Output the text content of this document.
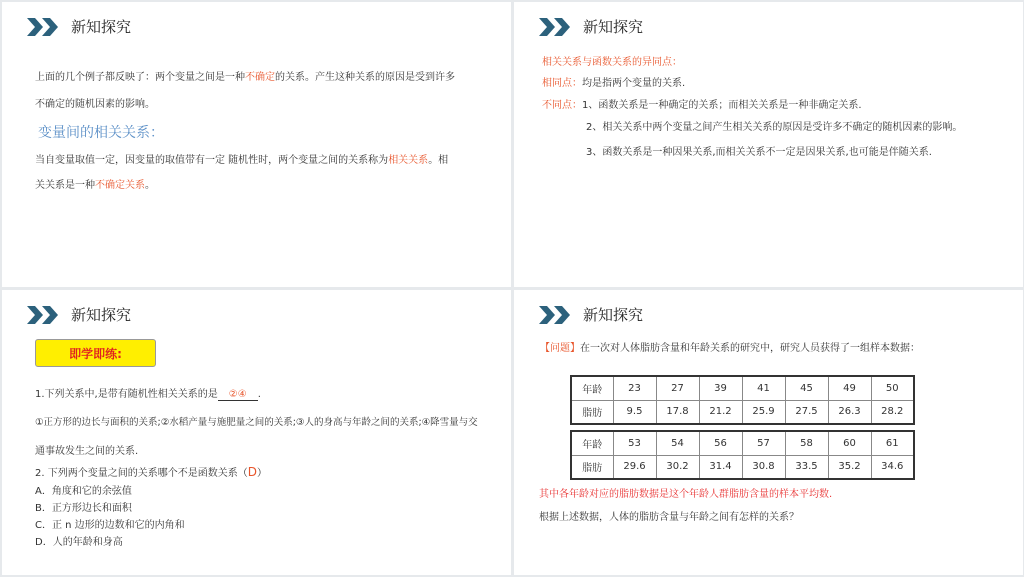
新知探究
上面的几个例子都反映了：两个变量之间是一种不确定的关系。产生这种关系的原因是受到许多
不确定的随机因素的影响。
变量间的相关关系：
当自变量取值一定，因变量的取值带有一定 随机性时，两个变量之间的关系称为相关关系。相
关关系是一种不确定关系。
新知探究
相关关系与函数关系的异同点：
相同点：均是指两个变量的关系.
不同点：1、函数关系是一种确定的关系；而相关关系是一种非确定关系.
2、相关关系中两个变量之间产生相关关系的原因是受许多不确定的随机因素的影响。
3、函数关系是一种因果关系,而相关关系不一定是因果关系,也可能是伴随关系.
新知探究
即学即练:
1.下列关系中,是带有随机性相关关系的是 ②④ .
①正方形的边长与面积的关系;②水稻产量与施肥量之间的关系;③人的身高与年龄之间的关系;④降雪量与交
通事故发生之间的关系.
2. 下列两个变量之间的关系哪个不是函数关系（D）
A．角度和它的余弦值
B．正方形边长和面积
C．正 n 边形的边数和它的内角和
D．人的年龄和身高
新知探究
【问题】在一次对人体脂肪含量和年龄关系的研究中，研究人员获得了一组样本数据：
年龄	23	27	39	41	45	49	50
脂肪	9.5	17.8	21.2	25.9	27.5	26.3	28.2
年龄	53	54	56	57	58	60	61
脂肪	29.6	30.2	31.4	30.8	33.5	35.2	34.6
其中各年龄对应的脂肪数据是这个年龄人群脂肪含量的样本平均数.
根据上述数据，人体的脂肪含量与年龄之间有怎样的关系？
